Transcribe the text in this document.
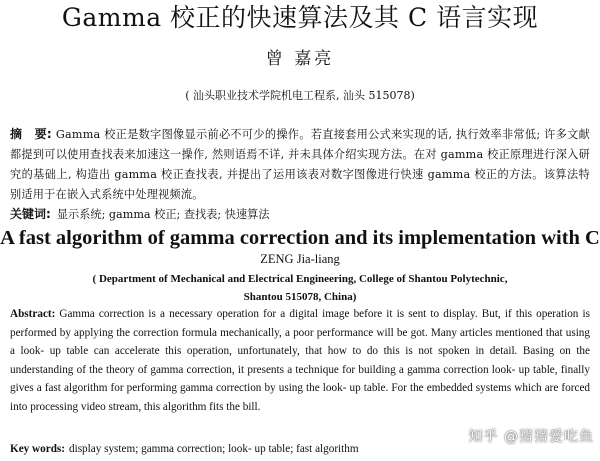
Gamma 校正的快速算法及其 C 语言实现
曾 嘉亮
( 汕头职业技术学院机电工程系, 汕头 515078)
摘　要: Gamma 校正是数字图像显示前必不可少的操作。若直接套用公式来实现的话, 执行效率非常低; 许多文献都提到可以使用查找表来加速这一操作, 然则语焉不详, 并未具体介绍实现方法。在对 gamma 校正原理进行深入研究的基础上, 构造出 gamma 校正查找表, 并提出了运用该表对数字图像进行快速 gamma 校正的方法。该算法特别适用于在嵌入式系统中处理视频流。
关键词: 显示系统; gamma 校正; 查找表; 快速算法
A fast algorithm of gamma correction and its implementation with C
ZENG Jia-liang
( Department of Mechanical and Electrical Engineering, College of Shantou Polytechnic,
Shantou 515078, China)
Abstract: Gamma correction is a necessary operation for a digital image before it is sent to display. But, if this operation is performed by applying the correction formula mechanically, a poor performance will be got. Many articles mentioned that using a look- up table can accelerate this operation, unfortunately, that how to do this is not spoken in detail. Basing on the understanding of the theory of gamma correction, it presents a technique for building a gamma correction look- up table, finally gives a fast algorithm for performing gamma correction by using the look- up table. For the embedded systems which are forced into processing video stream, this algorithm fits the bill.
Key words: display system; gamma correction; look- up table; fast algorithm
知乎 @猪猪爱吃鱼
